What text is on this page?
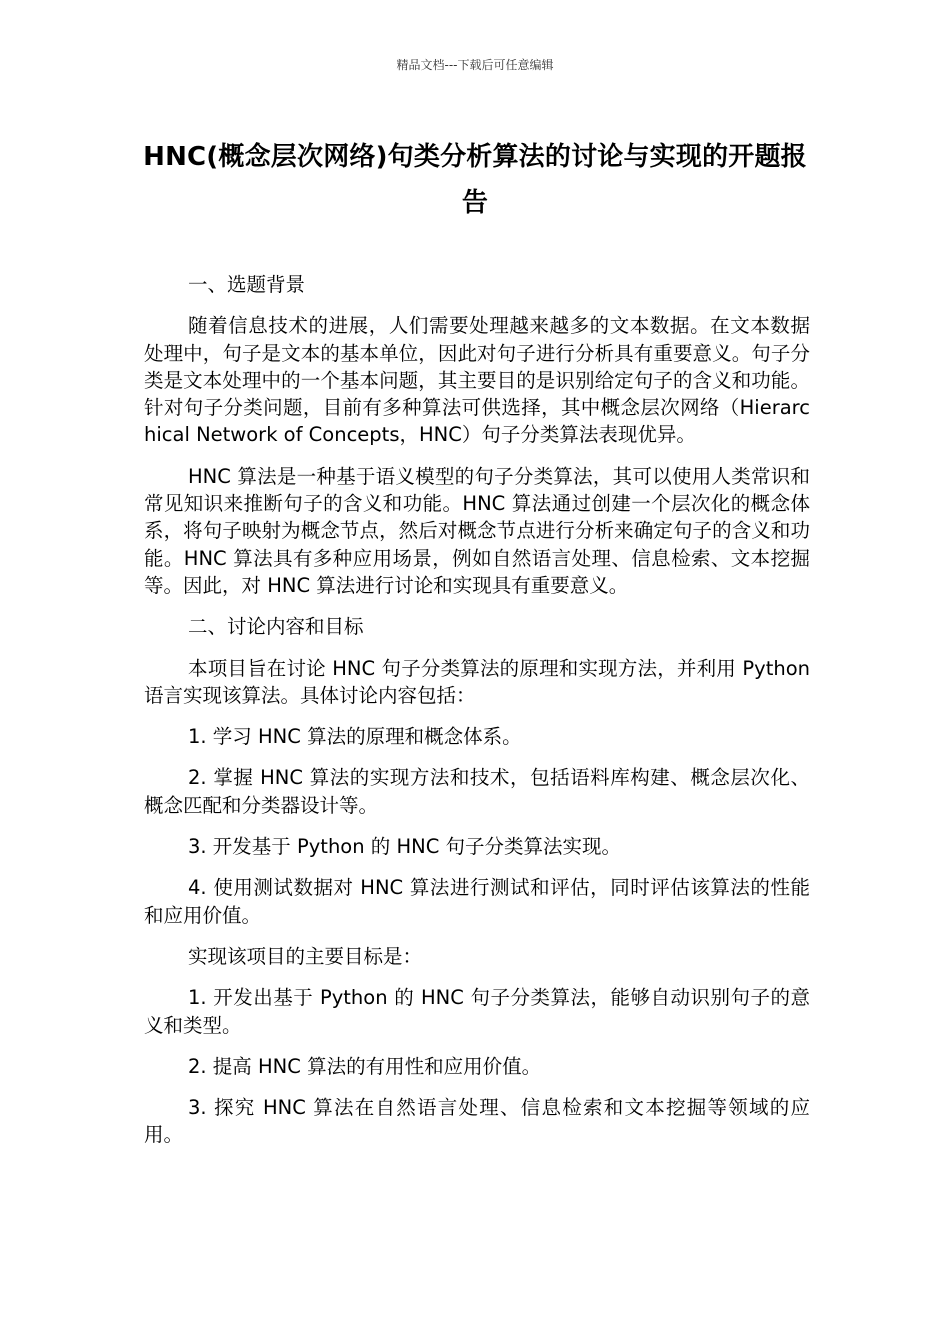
精品文档---下载后可任意编辑
HNC(概念层次网络)句类分析算法的讨论与实现的开题报告

一、选题背景

随着信息技术的进展，人们需要处理越来越多的文本数据。在文本数据处理中，句子是文本的基本单位，因此对句子进行分析具有重要意义。句子分类是文本处理中的一个基本问题，其主要目的是识别给定句子的含义和功能。针对句子分类问题，目前有多种算法可供选择，其中概念层次网络（Hierarchical Network of Concepts，HNC）句子分类算法表现优异。

HNC 算法是一种基于语义模型的句子分类算法，其可以使用人类常识和常见知识来推断句子的含义和功能。HNC 算法通过创建一个层次化的概念体系，将句子映射为概念节点，然后对概念节点进行分析来确定句子的含义和功能。HNC 算法具有多种应用场景，例如自然语言处理、信息检索、文本挖掘等。因此，对 HNC 算法进行讨论和实现具有重要意义。

二、讨论内容和目标

本项目旨在讨论 HNC 句子分类算法的原理和实现方法，并利用 Python 语言实现该算法。具体讨论内容包括：

1. 学习 HNC 算法的原理和概念体系。

2. 掌握 HNC 算法的实现方法和技术，包括语料库构建、概念层次化、概念匹配和分类器设计等。

3. 开发基于 Python 的 HNC 句子分类算法实现。

4. 使用测试数据对 HNC 算法进行测试和评估，同时评估该算法的性能和应用价值。

实现该项目的主要目标是：

1. 开发出基于 Python 的 HNC 句子分类算法，能够自动识别句子的意义和类型。

2. 提高 HNC 算法的有用性和应用价值。

3. 探究 HNC 算法在自然语言处理、信息检索和文本挖掘等领域的应用。
